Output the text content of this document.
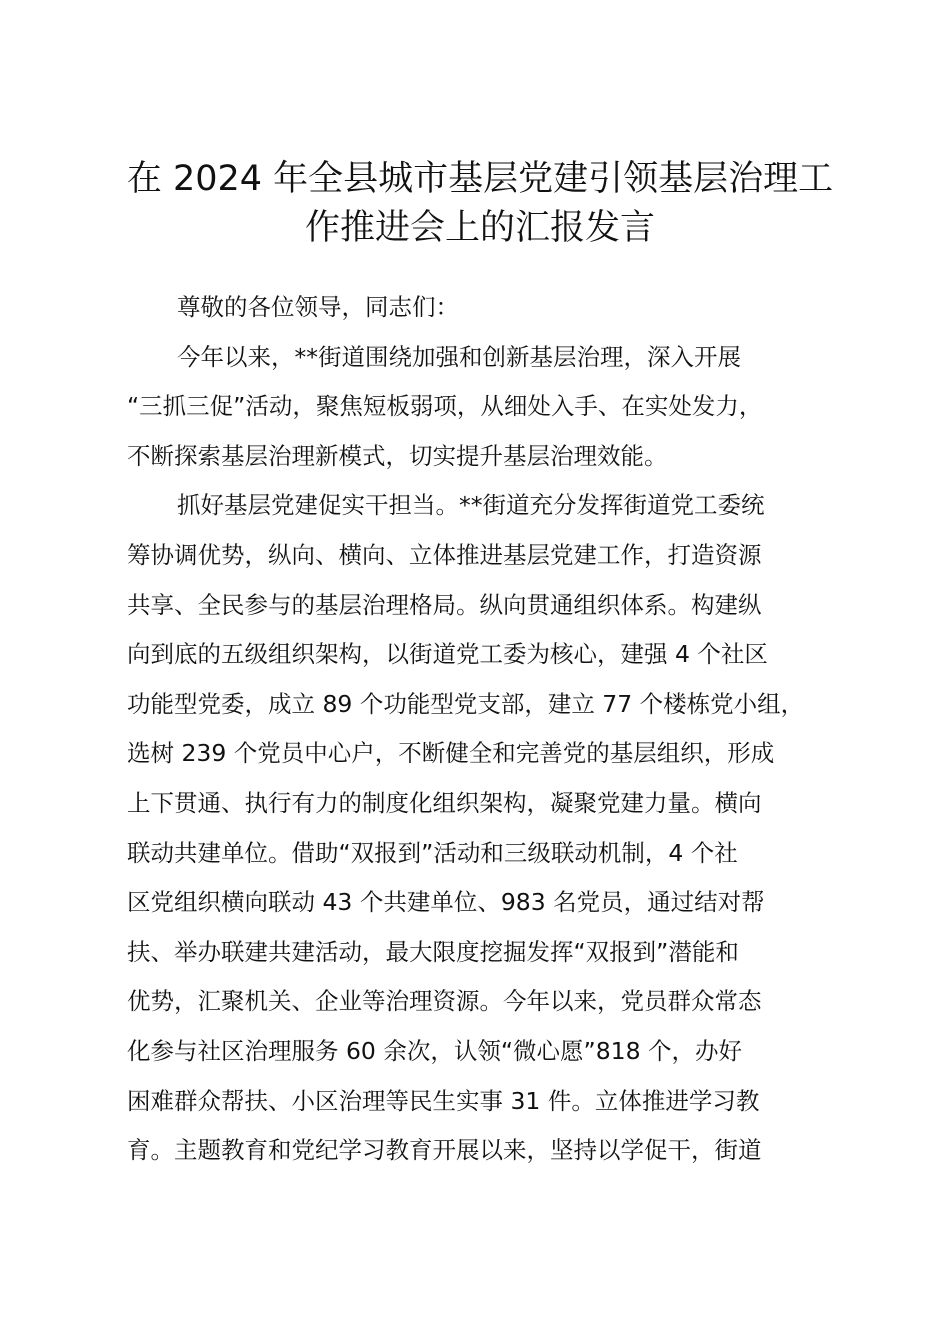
在 2024 年全县城市基层党建引领基层治理工
作推进会上的汇报发言
尊敬的各位领导，同志们：
今年以来，**街道围绕加强和创新基层治理，深入开展
“三抓三促”活动，聚焦短板弱项，从细处入手、在实处发力，
不断探索基层治理新模式，切实提升基层治理效能。
抓好基层党建促实干担当。**街道充分发挥街道党工委统
筹协调优势，纵向、横向、立体推进基层党建工作，打造资源
共享、全民参与的基层治理格局。纵向贯通组织体系。构建纵
向到底的五级组织架构，以街道党工委为核心，建强 4 个社区
功能型党委，成立 89 个功能型党支部，建立 77 个楼栋党小组，
选树 239 个党员中心户，不断健全和完善党的基层组织，形成
上下贯通、执行有力的制度化组织架构，凝聚党建力量。横向
联动共建单位。借助“双报到”活动和三级联动机制，4 个社
区党组织横向联动 43 个共建单位、983 名党员，通过结对帮
扶、举办联建共建活动，最大限度挖掘发挥“双报到”潜能和
优势，汇聚机关、企业等治理资源。今年以来，党员群众常态
化参与社区治理服务 60 余次，认领“微心愿”818 个，办好
困难群众帮扶、小区治理等民生实事 31 件。立体推进学习教
育。主题教育和党纪学习教育开展以来，坚持以学促干，街道
